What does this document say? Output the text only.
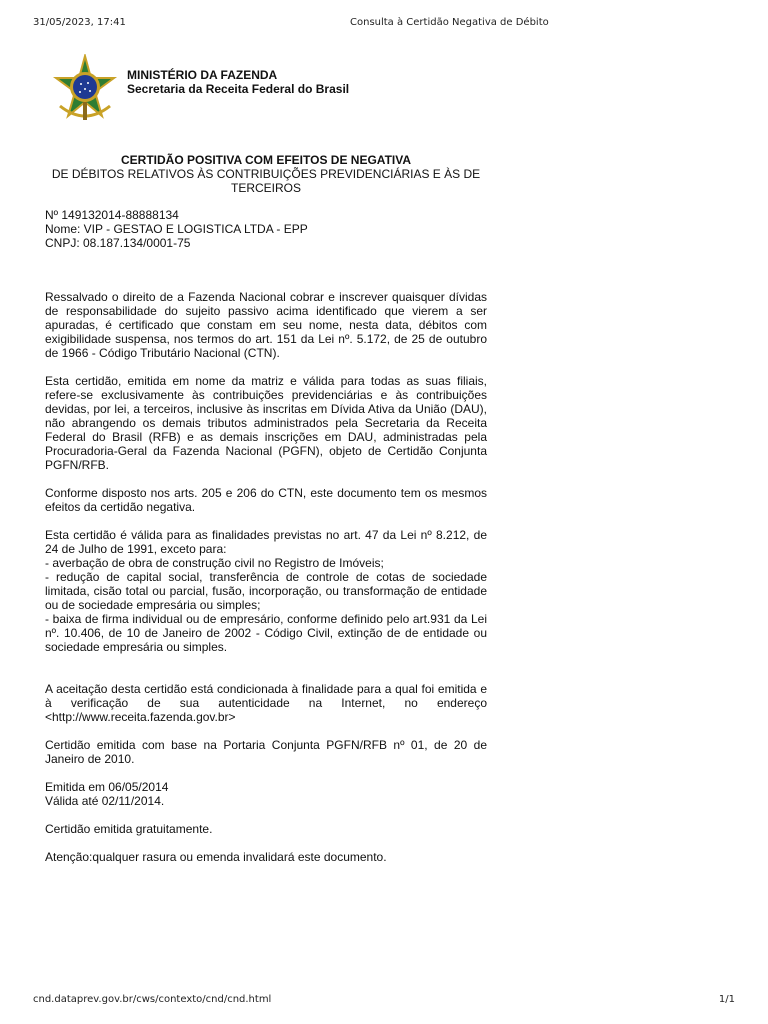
31/05/2023, 17:41	Consulta à Certidão Negativa de Débito
MINISTÉRIO DA FAZENDA
Secretaria da Receita Federal do Brasil
CERTIDÃO POSITIVA COM EFEITOS DE NEGATIVA
DE DÉBITOS RELATIVOS ÀS CONTRIBUIÇÕES PREVIDENCIÁRIAS E ÀS DE TERCEIROS
Nº 149132014-88888134
Nome: VIP - GESTAO E LOGISTICA LTDA - EPP
CNPJ: 08.187.134/0001-75

Ressalvado o direito de a Fazenda Nacional cobrar e inscrever quaisquer dívidas de responsabilidade do sujeito passivo acima identificado que vierem a ser apuradas, é certificado que constam em seu nome, nesta data, débitos com exigibilidade suspensa, nos termos do art. 151 da Lei nº. 5.172, de 25 de outubro de 1966 - Código Tributário Nacional (CTN).

Esta certidão, emitida em nome da matriz e válida para todas as suas filiais, refere-se exclusivamente às contribuições previdenciárias e às contribuições devidas, por lei, a terceiros, inclusive às inscritas em Dívida Ativa da União (DAU), não abrangendo os demais tributos administrados pela Secretaria da Receita Federal do Brasil (RFB) e as demais inscrições em DAU, administradas pela Procuradoria-Geral da Fazenda Nacional (PGFN), objeto de Certidão Conjunta PGFN/RFB.

Conforme disposto nos arts. 205 e 206 do CTN, este documento tem os mesmos efeitos da certidão negativa.

Esta certidão é válida para as finalidades previstas no art. 47 da Lei nº 8.212, de 24 de Julho de 1991, exceto para:
- averbação de obra de construção civil no Registro de Imóveis;
- redução de capital social, transferência de controle de cotas de sociedade limitada, cisão total ou parcial, fusão, incorporação, ou transformação de entidade ou de sociedade empresária ou simples;
- baixa de firma individual ou de empresário, conforme definido pelo art.931 da Lei nº. 10.406, de 10 de Janeiro de 2002 - Código Civil, extinção de de entidade ou sociedade empresária ou simples.

A aceitação desta certidão está condicionada à finalidade para a qual foi emitida e à verificação de sua autenticidade na Internet, no endereço <http://www.receita.fazenda.gov.br>

Certidão emitida com base na Portaria Conjunta PGFN/RFB nº 01, de 20 de Janeiro de 2010.

Emitida em 06/05/2014
Válida até 02/11/2014.

Certidão emitida gratuitamente.

Atenção:qualquer rasura ou emenda invalidará este documento.

cnd.dataprev.gov.br/cws/contexto/cnd/cnd.html	1/1
